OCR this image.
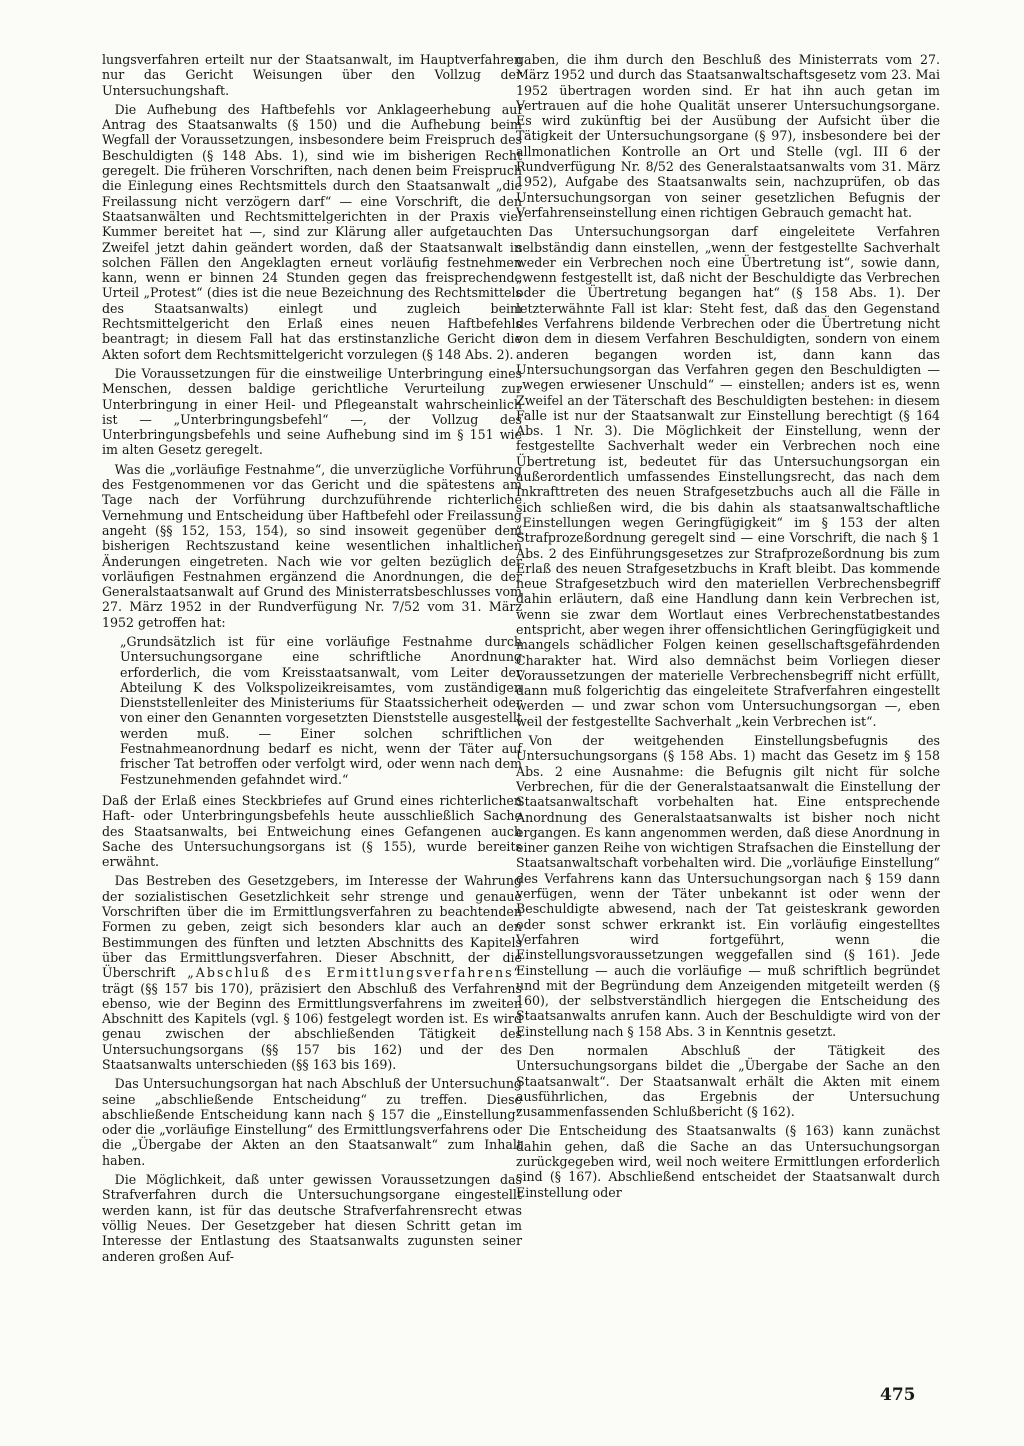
lungsverfahren erteilt nur der Staatsanwalt, im Hauptverfahren nur das Gericht Weisungen über den Vollzug der Untersuchungshaft.

Die Aufhebung des Haftbefehls vor Anklageerhebung auf Antrag des Staatsanwalts (§ 150) und die Aufhebung beim Wegfall der Voraussetzungen, insbesondere beim Freispruch des Beschuldigten (§ 148 Abs. 1), sind wie im bisherigen Recht geregelt. Die früheren Vorschriften, nach denen beim Freispruch die Einlegung eines Rechtsmittels durch den Staatsanwalt „die Freilassung nicht verzögern darf“ — eine Vorschrift, die den Staatsanwälten und Rechtsmittelgerichten in der Praxis viel Kummer bereitet hat —, sind zur Klärung aller aufgetauchten Zweifel jetzt dahin geändert worden, daß der Staatsanwalt in solchen Fällen den Angeklagten erneut vorläufig festnehmen kann, wenn er binnen 24 Stunden gegen das freisprechende Urteil „Protest“ (dies ist die neue Bezeichnung des Rechtsmittels des Staatsanwalts) einlegt und zugleich beim Rechtsmittelgericht den Erlaß eines neuen Haftbefehls beantragt; in diesem Fall hat das erstinstanzliche Gericht die Akten sofort dem Rechtsmittelgericht vorzulegen (§ 148 Abs. 2).

Die Voraussetzungen für die einstweilige Unterbringung eines Menschen, dessen baldige gerichtliche Verurteilung zur Unterbringung in einer Heil- und Pflegeanstalt wahrscheinlich ist — „Unterbringungsbefehl“ —, der Vollzug des Unterbringungsbefehls und seine Aufhebung sind im § 151 wie im alten Gesetz geregelt.

Was die „vorläufige Festnahme“, die unverzügliche Vorführung des Festgenommenen vor das Gericht und die spätestens am Tage nach der Vorführung durchzuführende richterliche Vernehmung und Entscheidung über Haftbefehl oder Freilassung angeht (§§ 152, 153, 154), so sind insoweit gegenüber dem bisherigen Rechtszustand keine wesentlichen inhaltlichen Änderungen eingetreten. Nach wie vor gelten bezüglich der vorläufigen Festnahmen ergänzend die Anordnungen, die der Generalstaatsanwalt auf Grund des Ministerratsbeschlusses vom 27. März 1952 in der Rundverfügung Nr. 7/52 vom 31. März 1952 getroffen hat:

„Grundsätzlich ist für eine vorläufige Festnahme durch Untersuchungsorgane eine schriftliche Anordnung erforderlich, die vom Kreisstaatsanwalt, vom Leiter der Abteilung K des Volkspolizeikreisamtes, vom zuständigen Dienststellenleiter des Ministeriums für Staatssicherheit oder von einer den Genannten vorgesetzten Dienststelle ausgestellt werden muß. — Einer solchen schriftlichen Festnahmeanordnung bedarf es nicht, wenn der Täter auf frischer Tat betroffen oder verfolgt wird, oder wenn nach dem Festzunehmenden gefahndet wird.“

Daß der Erlaß eines Steckbriefes auf Grund eines richterlichen Haft- oder Unterbringungsbefehls heute ausschließlich Sache des Staatsanwalts, bei Entweichung eines Gefangenen auch Sache des Untersuchungsorgans ist (§ 155), wurde bereits erwähnt.

Das Bestreben des Gesetzgebers, im Interesse der Wahrung der sozialistischen Gesetzlichkeit sehr strenge und genaue Vorschriften über die im Ermittlungsverfahren zu beachtenden Formen zu geben, zeigt sich besonders klar auch an den Bestimmungen des fünften und letzten Abschnitts des Kapitels über das Ermittlungsverfahren. Dieser Abschnitt, der die Überschrift „Abschluß des Ermittlungsverfahrens“ trägt (§§ 157 bis 170), präzisiert den Abschluß des Verfahrens ebenso, wie der Beginn des Ermittlungsverfahrens im zweiten Abschnitt des Kapitels (vgl. § 106) festgelegt worden ist. Es wird genau zwischen der abschließenden Tätigkeit des Untersuchungsorgans (§§ 157 bis 162) und der des Staatsanwalts unterschieden (§§ 163 bis 169).

Das Untersuchungsorgan hat nach Abschluß der Untersuchung seine „abschließende Entscheidung“ zu treffen. Diese abschließende Entscheidung kann nach § 157 die „Einstellung“ oder die „vorläufige Einstellung“ des Ermittlungsverfahrens oder die „Übergabe der Akten an den Staatsanwalt“ zum Inhalt haben.

Die Möglichkeit, daß unter gewissen Voraussetzungen das Strafverfahren durch die Untersuchungsorgane eingestellt werden kann, ist für das deutsche Strafverfahrensrecht etwas völlig Neues. Der Gesetzgeber hat diesen Schritt getan im Interesse der Entlastung des Staatsanwalts zugunsten seiner anderen großen Auf-

gaben, die ihm durch den Beschluß des Ministerrats vom 27. März 1952 und durch das Staatsanwaltschaftsgesetz vom 23. Mai 1952 übertragen worden sind. Er hat ihn auch getan im Vertrauen auf die hohe Qualität unserer Untersuchungsorgane. Es wird zukünftig bei der Ausübung der Aufsicht über die Tätigkeit der Untersuchungsorgane (§ 97), insbesondere bei der allmonatlichen Kontrolle an Ort und Stelle (vgl. III 6 der Rundverfügung Nr. 8/52 des Generalstaatsanwalts vom 31. März 1952), Aufgabe des Staatsanwalts sein, nachzuprüfen, ob das Untersuchungsorgan von seiner gesetzlichen Befugnis der Verfahrenseinstellung einen richtigen Gebrauch gemacht hat.

Das Untersuchungsorgan darf eingeleitete Verfahren selbständig dann einstellen, „wenn der festgestellte Sachverhalt weder ein Verbrechen noch eine Übertretung ist“, sowie dann, „wenn festgestellt ist, daß nicht der Beschuldigte das Verbrechen oder die Übertretung begangen hat“ (§ 158 Abs. 1). Der letzterwähnte Fall ist klar: Steht fest, daß das den Gegenstand des Verfahrens bildende Verbrechen oder die Übertretung nicht von dem in diesem Verfahren Beschuldigten, sondern von einem anderen begangen worden ist, dann kann das Untersuchungsorgan das Verfahren gegen den Beschuldigten — „wegen erwiesener Unschuld“ — einstellen; anders ist es, wenn Zweifel an der Täterschaft des Beschuldigten bestehen: in diesem Falle ist nur der Staatsanwalt zur Einstellung berechtigt (§ 164 Abs. 1 Nr. 3). Die Möglichkeit der Einstellung, wenn der festgestellte Sachverhalt weder ein Verbrechen noch eine Übertretung ist, bedeutet für das Untersuchungsorgan ein außerordentlich umfassendes Einstellungsrecht, das nach dem Inkrafttreten des neuen Strafgesetzbuchs auch all die Fälle in sich schließen wird, die bis dahin als staatsanwaltschaftliche „Einstellungen wegen Geringfügigkeit“ im § 153 der alten Strafprozeßordnung geregelt sind — eine Vorschrift, die nach § 1 Abs. 2 des Einführungsgesetzes zur Strafprozeßordnung bis zum Erlaß des neuen Strafgesetzbuchs in Kraft bleibt. Das kommende neue Strafgesetzbuch wird den materiellen Verbrechensbegriff dahin erläutern, daß eine Handlung dann kein Verbrechen ist, wenn sie zwar dem Wortlaut eines Verbrechenstatbestandes entspricht, aber wegen ihrer offensichtlichen Geringfügigkeit und mangels schädlicher Folgen keinen gesellschaftsgefährdenden Charakter hat. Wird also demnächst beim Vorliegen dieser Voraussetzungen der materielle Verbrechensbegriff nicht erfüllt, dann muß folgerichtig das eingeleitete Strafverfahren eingestellt werden — und zwar schon vom Untersuchungsorgan —, eben weil der festgestellte Sachverhalt „kein Verbrechen ist“.

Von der weitgehenden Einstellungsbefugnis des Untersuchungsorgans (§ 158 Abs. 1) macht das Gesetz im § 158 Abs. 2 eine Ausnahme: die Befugnis gilt nicht für solche Verbrechen, für die der Generalstaatsanwalt die Einstellung der Staatsanwaltschaft vorbehalten hat. Eine entsprechende Anordnung des Generalstaatsanwalts ist bisher noch nicht ergangen. Es kann angenommen werden, daß diese Anordnung in einer ganzen Reihe von wichtigen Strafsachen die Einstellung der Staatsanwaltschaft vorbehalten wird. Die „vorläufige Einstellung“ des Verfahrens kann das Untersuchungsorgan nach § 159 dann verfügen, wenn der Täter unbekannt ist oder wenn der Beschuldigte abwesend, nach der Tat geisteskrank geworden oder sonst schwer erkrankt ist. Ein vorläufig eingestelltes Verfahren wird fortgeführt, wenn die Einstellungsvoraussetzungen weggefallen sind (§ 161). Jede Einstellung — auch die vorläufige — muß schriftlich begründet und mit der Begründung dem Anzeigenden mitgeteilt werden (§ 160), der selbstverständlich hiergegen die Entscheidung des Staatsanwalts anrufen kann. Auch der Beschuldigte wird von der Einstellung nach § 158 Abs. 3 in Kenntnis gesetzt.

Den normalen Abschluß der Tätigkeit des Untersuchungsorgans bildet die „Übergabe der Sache an den Staatsanwalt“. Der Staatsanwalt erhält die Akten mit einem ausführlichen, das Ergebnis der Untersuchung zusammenfassenden Schlußbericht (§ 162).

Die Entscheidung des Staatsanwalts (§ 163) kann zunächst dahin gehen, daß die Sache an das Untersuchungsorgan zurückgegeben wird, weil noch weitere Ermittlungen erforderlich sind (§ 167). Abschließend entscheidet der Staatsanwalt durch Einstellung oder

475
